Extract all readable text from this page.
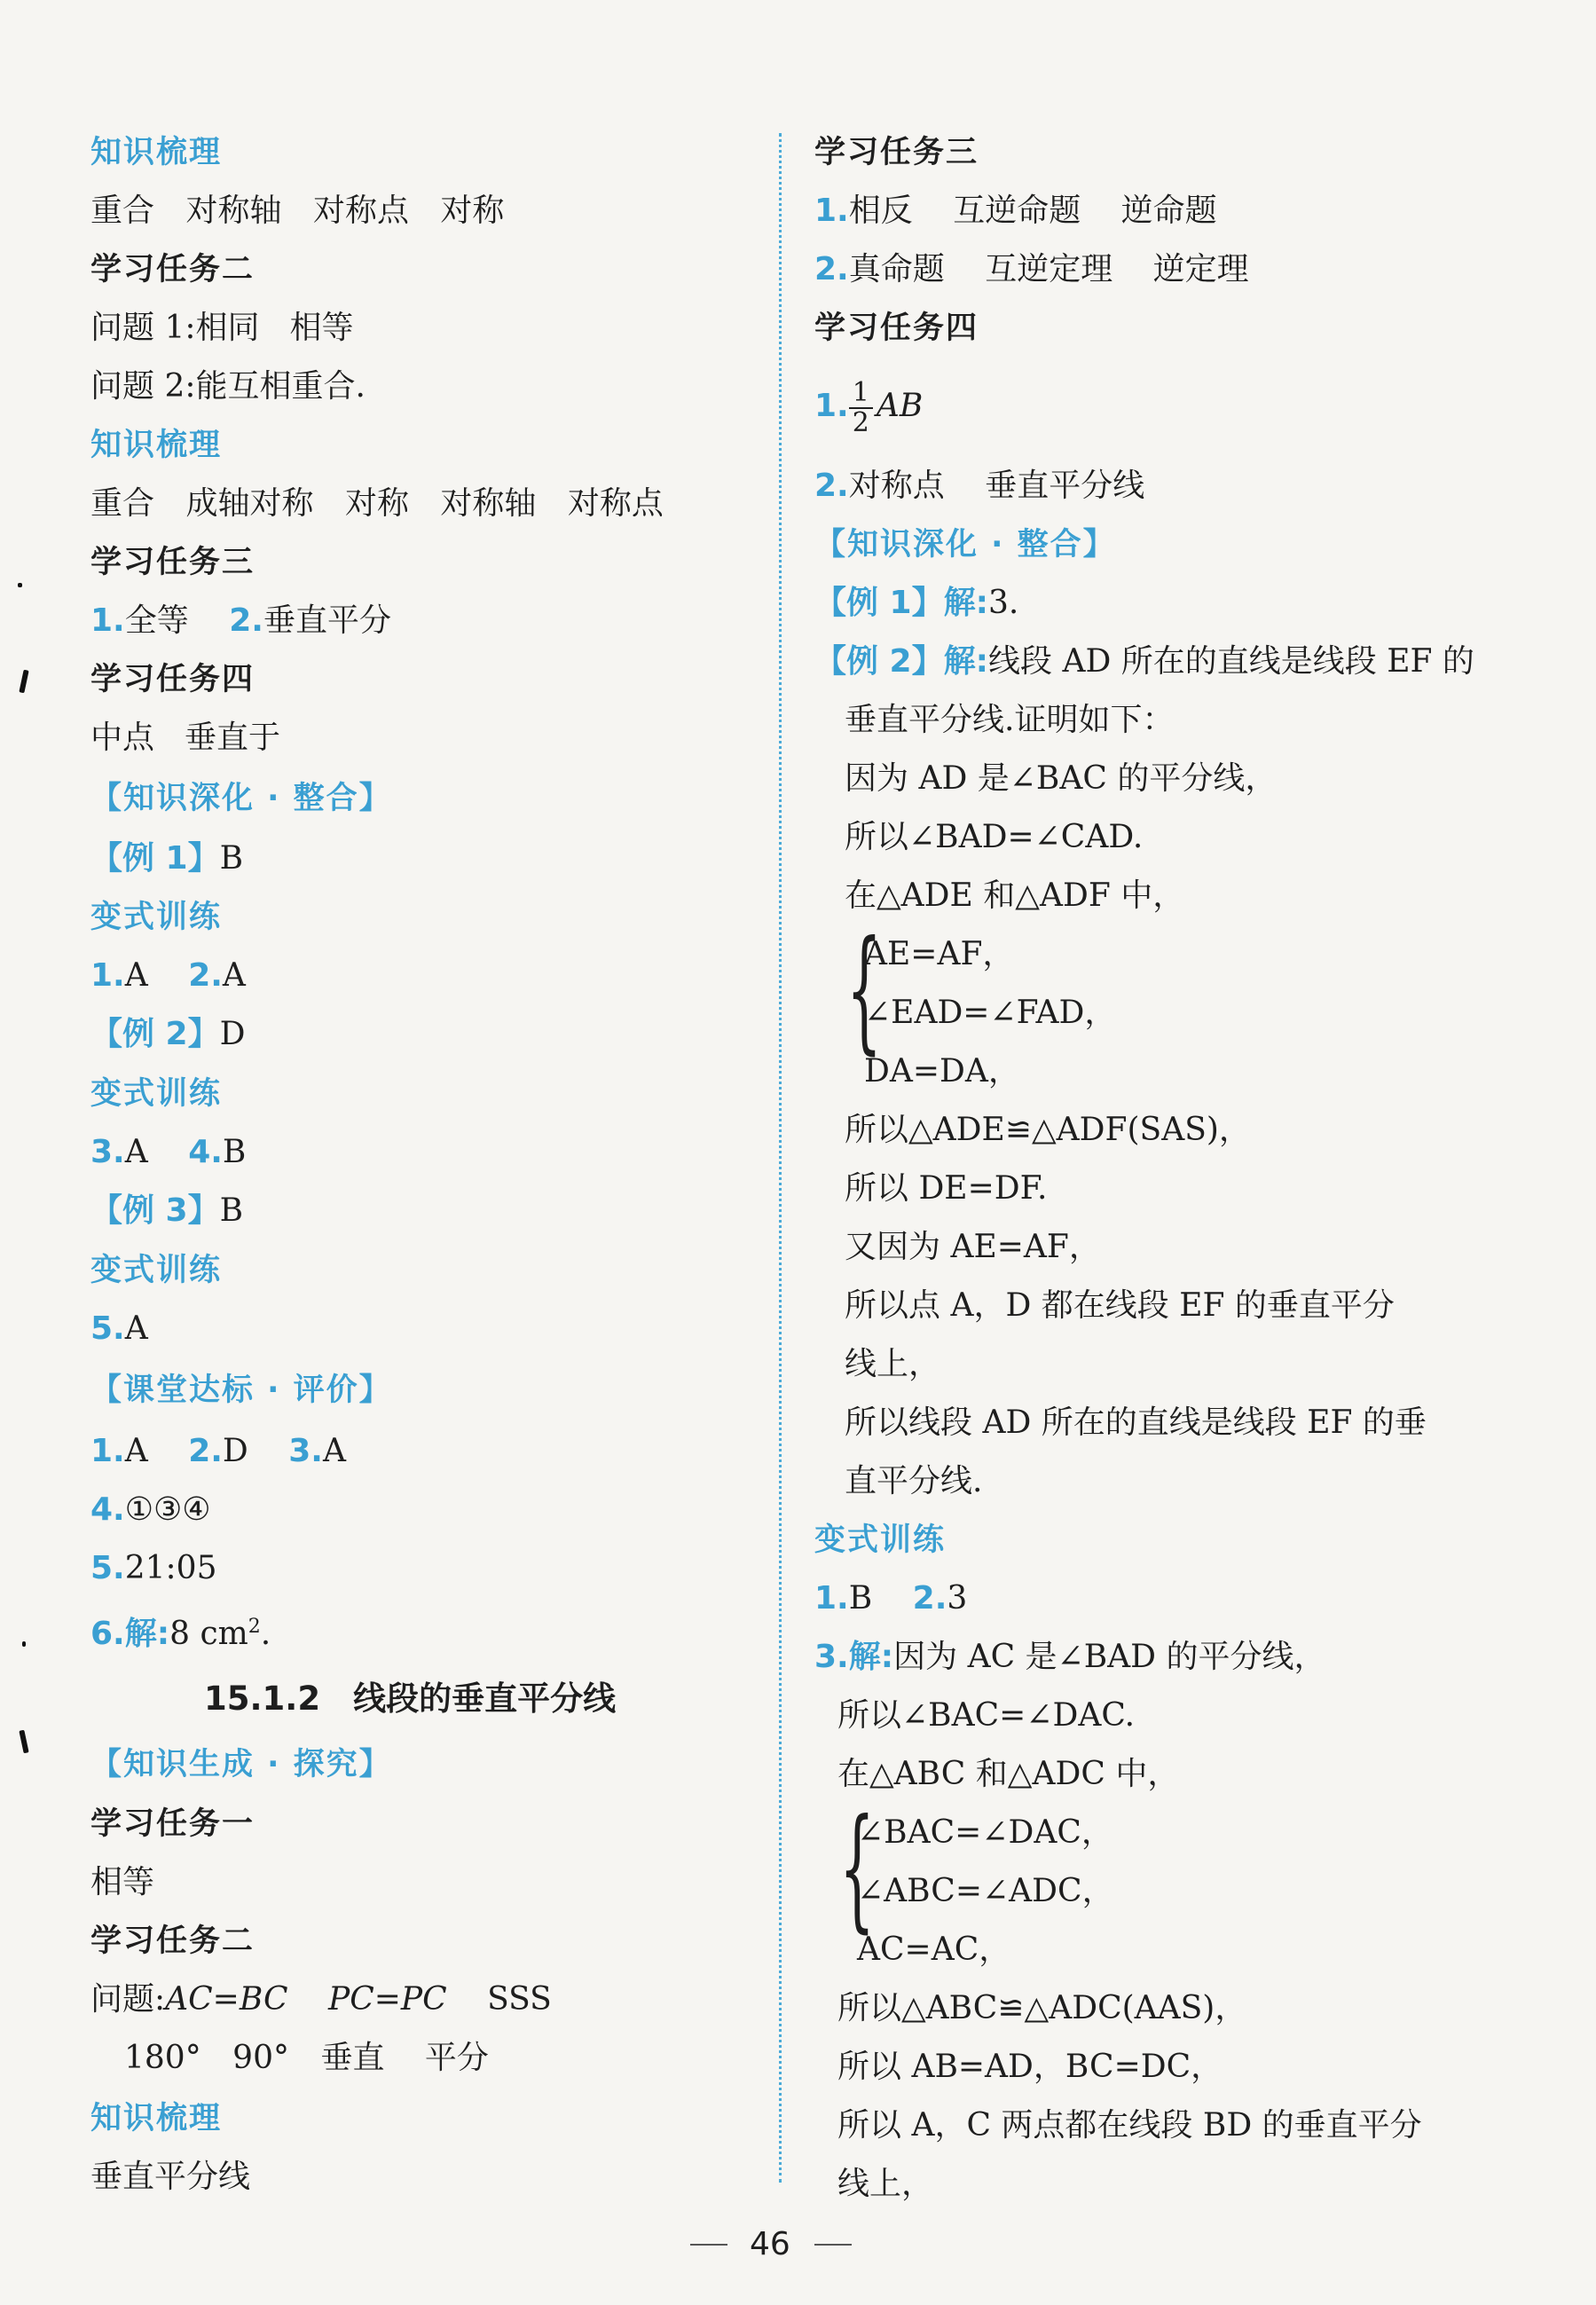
知识梳理
重合 对称轴 对称点 对称
学习任务二
问题 1:相同 相等
问题 2:能互相重合.
知识梳理
重合 成轴对称 对称 对称轴 对称点
学习任务三
1.全等 2.垂直平分
学习任务四
中点 垂直于
【知识深化 · 整合】
【例 1】B
变式训练
1.A 2.A
【例 2】D
变式训练
3.A 4.B
【例 3】B
变式训练
5.A
【课堂达标 · 评价】
1.A 2.D 3.A
4.①③④
5.21:05
6.解:8 $cm^2$.
15.1.2　线段的垂直平分线
【知识生成 · 探究】
学习任务一
相等
学习任务二
问题:AC=BC PC=PC SSS
180° 90° 垂直 平分
知识梳理
垂直平分线
学习任务三
1.相反 互逆命题 逆命题
2.真命题 互逆定理 逆定理
学习任务四
1. $\frac{1}{2}$ AB
2.对称点 垂直平分线
【知识深化 · 整合】
【例 1】解:3.
【例 2】解:线段 AD 所在的直线是线段 EF 的
垂直平分线.证明如下：
因为 AD 是∠BAC 的平分线，
所以∠BAD=∠CAD.
在△ADE 和△ADF 中，
{
AE=AF，
∠EAD=∠FAD，
DA=DA，
所以△ADE≌△ADF(SAS)，
所以 DE=DF.
又因为 AE=AF，
所以点 A，D 都在线段 EF 的垂直平分
线上，
所以线段 AD 所在的直线是线段 EF 的垂
直平分线.
变式训练
1.B 2.3
3.解:因为 AC 是∠BAD 的平分线，
所以∠BAC=∠DAC.
在△ABC 和△ADC 中，
{
∠BAC=∠DAC，
∠ABC=∠ADC，
AC=AC，
所以△ABC≌△ADC(AAS)，
所以 AB=AD，BC=DC，
所以 A，C 两点都在线段 BD 的垂直平分
线上，
46
